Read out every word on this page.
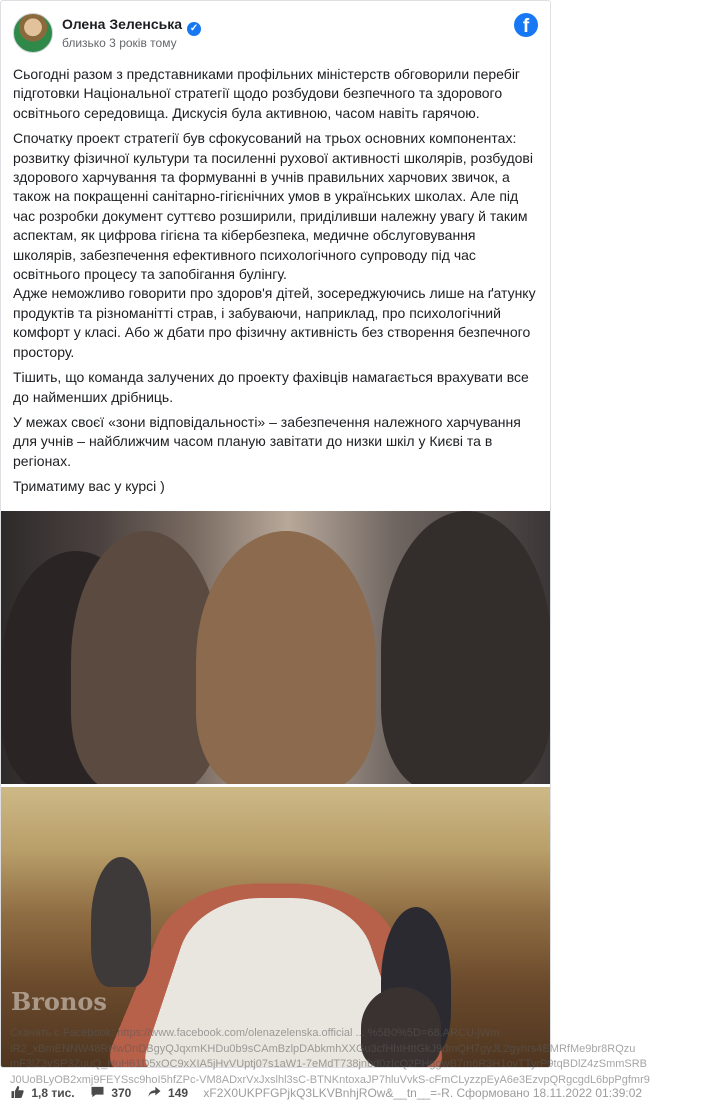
Олена Зеленська ✓
близько 3 років тому
f

Сьогодні разом з представниками профільних міністерств обговорили перебіг підготовки Національної стратегії щодо розбудови безпечного та здорового освітнього середовища. Дискусія була активною, часом навіть гарячою.

Спочатку проект стратегії був сфокусований на трьох основних компонентах: розвитку фізичної культури та посиленні рухової активності школярів, розбудові здорового харчування та формуванні в учнів правильних харчових звичок, а також на покращенні санітарно-гігієнічних умов в українських школах. Але під час розробки документ суттєво розширили, приділивши належну увагу й таким аспектам, як цифрова гігієна та кібербезпека, медичне обслуговування школярів, забезпечення ефективного психологічного супроводу під час освітнього процесу та запобігання булінгу.
Адже неможливо говорити про здоров'я дітей, зосереджуючись лише на ґатунку продуктів та різноманітті страв, і забуваючи, наприклад, про психологічний комфорт у класі. Або ж дбати про фізичну активність без створення безпечного простору.

Тішить, що команда залучених до проекту фахівців намагається врахувати все до найменших дрібниць.

У межах своєї «зони відповідальності» – забезпечення належного харчування для учнів – найближчим часом планую завітати до низки шкіл у Києві та в регіонах.

Триматиму вас у курсі )

Bronos
Скачать с Facebook: https://www.facebook.com/olenazelenska.official ... %5B0%5D=68.ARCU-jWm
iR2_xBmENNW48RHwDnDBgyQJqxmKHDu0b9sCAmBzlpDAbkmhXXGu3cfHhIHttGkJ9dmQH7gyJL2gyhrs4EMRfMe9br8RQzu
mF3lZ3vSP3ZuuQ_HuH61D5xOC9xXIA5jHvVUptj07s1aW1-7eMdT738jnbd0zIcQ2PHggwB7m6R3H1ovTTyrP9tqBDlZ4zSmmSRB
J0UoBLyOB2xmj9FEYSsc9hoI5hfZPc-VM8ADxrVxJxslhl3sC-BTNKntoxaJP7hluVvkS-cFmCLyzzpEyA6e3EzvpQRgcgdL6bpPgfmr9
1,8 тис.	370	149 xF2X0UKPFGPjkQ3LKVBnhjROw&__tn__=-R. Сформовано 18.11.2022 01:39:02
